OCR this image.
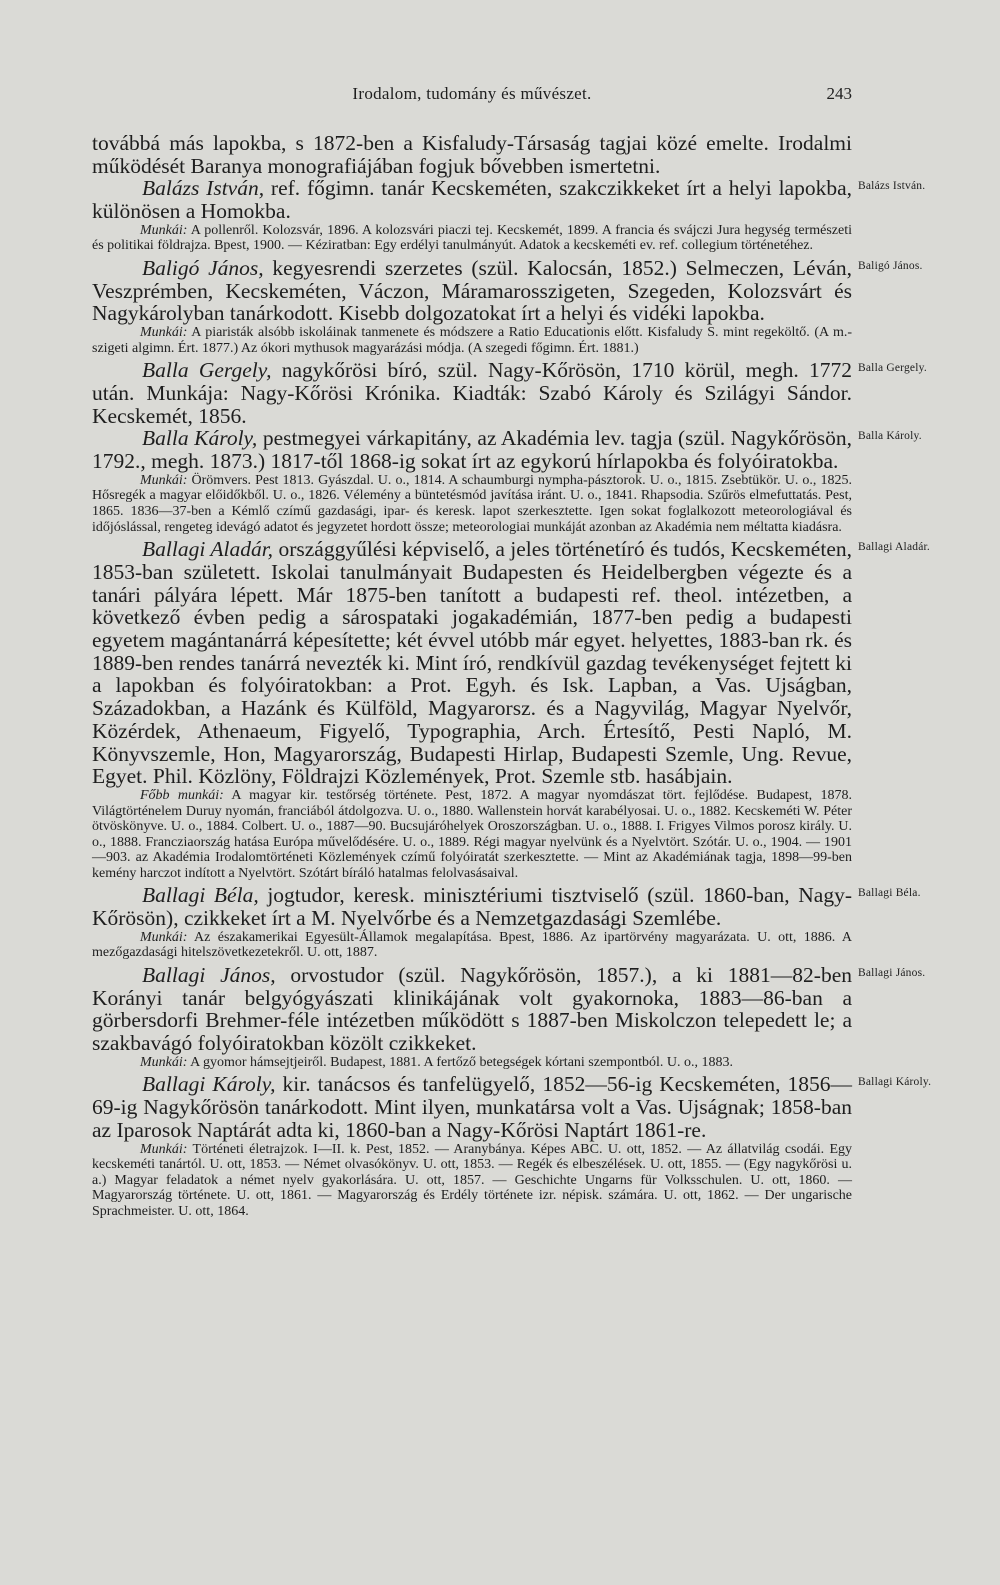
Irodalom, tudomány és művészet.	243

továbbá más lapokba, s 1872-ben a Kisfaludy-Társaság tagjai közé emelte. Irodalmi működését Baranya monografiájában fogjuk bővebben ismertetni.

Balázs István.
Balázs István, ref. főgimn. tanár Kecskeméten, szakczikkeket írt a helyi lapokba, különösen a Homokba.

Munkái: A pollenről. Kolozsvár, 1896. A kolozsvári piaczi tej. Kecskemét, 1899. A francia és svájczi Jura hegység természeti és politikai földrajza. Bpest, 1900. — Kéziratban: Egy erdélyi tanulmányút. Adatok a kecskeméti ev. ref. collegium történetéhez.

Baligó János.
Baligó János, kegyesrendi szerzetes (szül. Kalocsán, 1852.) Selmeczen, Léván, Veszprémben, Kecskeméten, Váczon, Máramarosszigeten, Szegeden, Kolozsvárt és Nagykárolyban tanárkodott. Kisebb dolgozatokat írt a helyi és vidéki lapokba.

Munkái: A piaristák alsóbb iskoláinak tanmenete és módszere a Ratio Educationis előtt. Kisfaludy S. mint regeköltő. (A m.-szigeti algimn. Ért. 1877.) Az ókori mythusok magyarázási módja. (A szegedi főgimn. Ért. 1881.)

Balla Gergely.
Balla Gergely, nagykőrösi bíró, szül. Nagy-Kőrösön, 1710 körül, megh. 1772 után. Munkája: Nagy-Kőrösi Krónika. Kiadták: Szabó Károly és Szilágyi Sándor. Kecskemét, 1856.

Balla Károly.
Balla Károly, pestmegyei várkapitány, az Akadémia lev. tagja (szül. Nagykőrösön, 1792., megh. 1873.) 1817-től 1868-ig sokat írt az egykorú hírlapokba és folyóiratokba.

Munkái: Örömvers. Pest 1813. Gyászdal. U. o., 1814. A schaumburgi nympha-pásztorok. U. o., 1815. Zsebtükör. U. o., 1825. Hősregék a magyar előidőkből. U. o., 1826. Vélemény a büntetésmód javítása iránt. U. o., 1841. Rhapsodia. Szűrös elmefuttatás. Pest, 1865. 1836—37-ben a Kémlő czímű gazdasági, ipar- és keresk. lapot szerkesztette. Igen sokat foglalkozott meteorologiával és időjóslással, rengeteg idevágó adatot és jegyzetet hordott össze; meteorologiai munkáját azonban az Akadémia nem méltatta kiadásra.

Ballagi Aladár.
Ballagi Aladár, országgyűlési képviselő, a jeles történetíró és tudós, Kecskeméten, 1853-ban született. Iskolai tanulmányait Budapesten és Heidelbergben végezte és a tanári pályára lépett. Már 1875-ben tanított a budapesti ref. theol. intézetben, a következő évben pedig a sárospataki jogakadémián, 1877-ben pedig a budapesti egyetem magántanárrá képesítette; két évvel utóbb már egyet. helyettes, 1883-ban rk. és 1889-ben rendes tanárrá nevezték ki. Mint író, rendkívül gazdag tevékenységet fejtett ki a lapokban és folyóiratokban: a Prot. Egyh. és Isk. Lapban, a Vas. Ujságban, Századokban, a Hazánk és Külföld, Magyarorsz. és a Nagyvilág, Magyar Nyelvőr, Közérdek, Athenaeum, Figyelő, Typographia, Arch. Értesítő, Pesti Napló, M. Könyvszemle, Hon, Magyarország, Budapesti Hirlap, Budapesti Szemle, Ung. Revue, Egyet. Phil. Közlöny, Földrajzi Közlemények, Prot. Szemle stb. hasábjain.

Főbb munkái: A magyar kir. testőrség története. Pest, 1872. A magyar nyomdászat tört. fejlődése. Budapest, 1878. Világtörténelem Duruy nyomán, franciából átdolgozva. U. o., 1880. Wallenstein horvát karabélyosai. U. o., 1882. Kecskeméti W. Péter ötvöskönyve. U. o., 1884. Colbert. U. o., 1887—90. Bucsujáróhelyek Oroszországban. U. o., 1888. I. Frigyes Vilmos porosz király. U. o., 1888. Francziaország hatása Európa művelődésére. U. o., 1889. Régi magyar nyelvünk és a Nyelvtört. Szótár. U. o., 1904. — 1901—903. az Akadémia Irodalomtörténeti Közlemények czímű folyóiratát szerkesztette. — Mint az Akadémiának tagja, 1898—99-ben kemény harczot indított a Nyelvtört. Szótárt bíráló hatalmas felolvasásaival.

Ballagi Béla.
Ballagi Béla, jogtudor, keresk. minisztériumi tisztviselő (szül. 1860-ban, Nagy-Kőrösön), czikkeket írt a M. Nyelvőrbe és a Nemzetgazdasági Szemlébe.

Munkái: Az északamerikai Egyesült-Államok megalapítása. Bpest, 1886. Az ipartörvény magyarázata. U. ott, 1886. A mezőgazdasági hitelszövetkezetekről. U. ott, 1887.

Ballagi János.
Ballagi János, orvostudor (szül. Nagykőrösön, 1857.), a ki 1881—82-ben Korányi tanár belgyógyászati klinikájának volt gyakornoka, 1883—86-ban a görbersdorfi Brehmer-féle intézetben működött s 1887-ben Miskolczon telepedett le; a szakbavágó folyóiratokban közölt czikkeket.

Munkái: A gyomor hámsejtjeiről. Budapest, 1881. A fertőző betegségek kórtani szempontból. U. o., 1883.

Ballagi Károly.
Ballagi Károly, kir. tanácsos és tanfelügyelő, 1852—56-ig Kecskeméten, 1856—69-ig Nagykőrösön tanárkodott. Mint ilyen, munkatársa volt a Vas. Ujságnak; 1858-ban az Iparosok Naptárát adta ki, 1860-ban a Nagy-Kőrösi Naptárt 1861-re.

Munkái: Történeti életrajzok. I—II. k. Pest, 1852. — Aranybánya. Képes ABC. U. ott, 1852. — Az állatvilág csodái. Egy kecskeméti tanártól. U. ott, 1853. — Német olvasókönyv. U. ott, 1853. — Regék és elbeszélések. U. ott, 1855. — (Egy nagykőrösi u. a.) Magyar feladatok a német nyelv gyakorlására. U. ott, 1857. — Geschichte Ungarns für Volksschulen. U. ott, 1860. — Magyarország története. U. ott, 1861. — Magyarország és Erdély története izr. népisk. számára. U. ott, 1862. — Der ungarische Sprachmeister. U. ott, 1864.
